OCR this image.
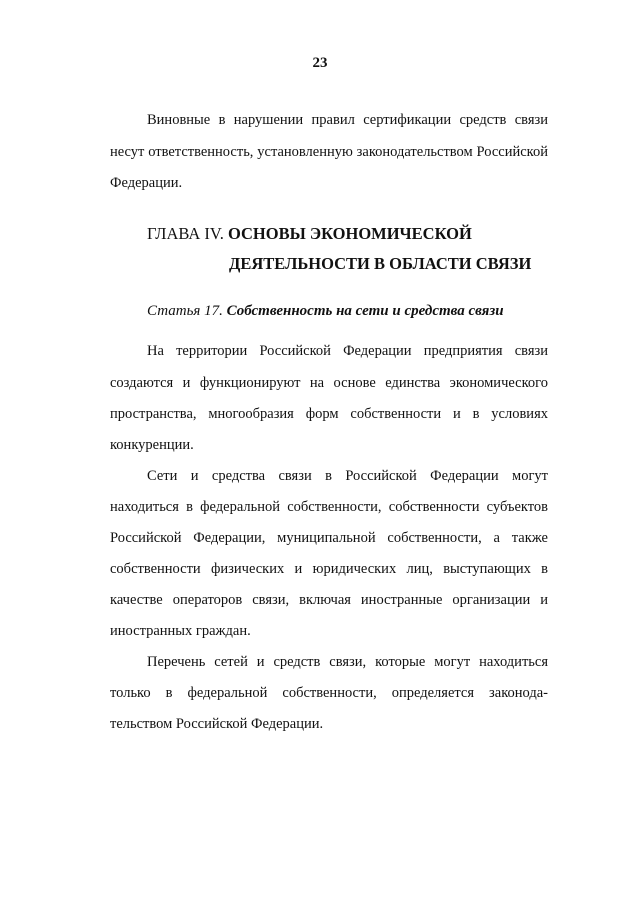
23
Виновные в нарушении правил сертификации средств связи
несут ответственность, установленную законодательством Российской
Федерации.
ГЛАВА IV. ОСНОВЫ ЭКОНОМИЧЕСКОЙ
ДЕЯТЕЛЬНОСТИ В ОБЛАСТИ СВЯЗИ
Статья 17. Собственность на сети и средства связи
На территории Российской Федерации предприятия связи
создаются и функционируют на основе единства экономического
пространства, многообразия форм собственности и в условиях
конкуренции.
Сети и средства связи в Российской Федерации могут
находиться в федеральной собственности, собственности субъектов
Российской Федерации, муниципальной собственности, а также
собственности физических и юридических лиц, выступающих в
качестве операторов связи, включая иностранные организации и
иностранных граждан.
Перечень сетей и средств связи, которые могут находиться
только в федеральной собственности, определяется законода-
тельством Российской Федерации.
